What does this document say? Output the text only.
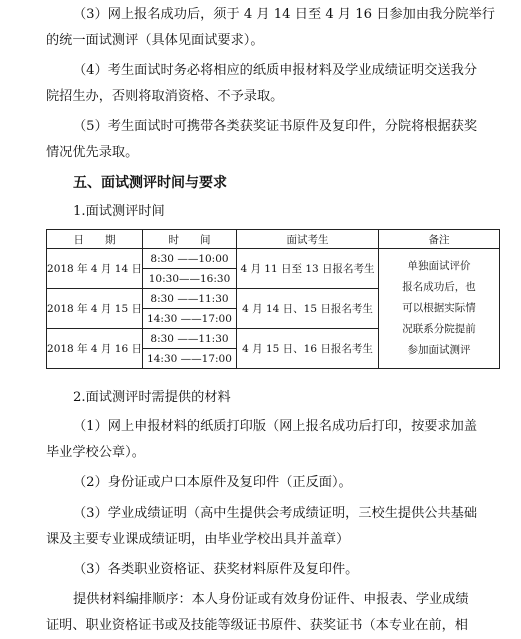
（3）网上报名成功后，须于 4 月 14 日至 4 月 16 日参加由我分院举行
的统一面试测评（具体见面试要求）。
（4）考生面试时务必将相应的纸质申报材料及学业成绩证明交送我分
院招生办，否则将取消资格、不予录取。
（5）考生面试时可携带各类获奖证书原件及复印件，分院将根据获奖
情况优先录取。
五、面试测评时间与要求
1.面试测评时间
日　　期	时　　间	面试考生	备注
2018 年 4 月 14 日	8:30 ——10:00	4 月 11 日至 13 日报名考生	单独面试评价
报名成功后，也
可以根据实际情
况联系分院提前
参加面试测评

	10:30——16:30		
2018 年 4 月 15 日	8:30 ——11:30	4 月 14 日、15 日报名考生	
	14:30 ——17:00		
2018 年 4 月 16 日	8:30 ——11:30	4 月 15 日、16 日报名考生	
	14:30 ——17:00		
2.面试测评时需提供的材料
（1）网上申报材料的纸质打印版（网上报名成功后打印，按要求加盖
毕业学校公章）。
（2）身份证或户口本原件及复印件（正反面）。
（3）学业成绩证明（高中生提供会考成绩证明，三校生提供公共基础
课及主要专业课成绩证明，由毕业学校出具并盖章）
（3）各类职业资格证、获奖材料原件及复印件。
提供材料编排顺序：本人身份证或有效身份证件、申报表、学业成绩
证明、职业资格证书或及技能等级证书原件、获奖证书（本专业在前，相
